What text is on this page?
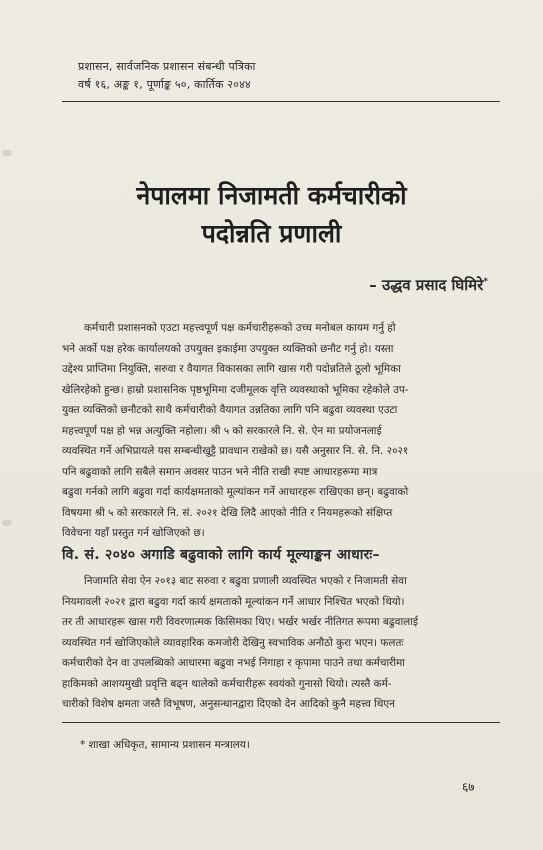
प्रशासन, सार्वजनिक प्रशासन संबन्धी पत्रिका
वर्ष १६, अङ्क १, पूर्णाङ्क ५०, कार्तिक २०४४
नेपालमा निजामती कर्मचारीको
पदोन्नति प्रणाली
– उद्धव प्रसाद घिमिरे*
कर्मचारी प्रशासनको एउटा महत्त्वपूर्ण पक्ष कर्मचारीहरूको उच्च मनोबल कायम गर्नु हो
भने अर्को पक्ष हरेक कार्यालयको उपयुक्त इकाईमा उपयुक्त व्यक्तिको छनौट गर्नु हो। यस्ता
उद्देश्य प्राप्तिमा नियुक्ति, सरुवा र वैयागत विकासका लागि खास गरी पदोन्नतिले ठूलो भूमिका
खेलिरहेको हुन्छ। हाम्रो प्रशासनिक पृष्ठभूमिमा दजीमूलक वृत्ति व्यवस्थाको भूमिका रहेकोले उप-
युक्त व्यक्तिको छनौटको साथै कर्मचारीको वैयागत उन्नतिका लागि पनि बढुवा व्यवस्था एउटा
महत्त्वपूर्ण पक्ष हो भन्न अत्युक्ति नहोला। श्री ५ को सरकारले नि. से. ऐन मा प्रयोजनलाई
व्यवस्थित गर्ने अभिप्रायले यस सम्बन्धीखुट्टै प्रावधान राखेको छ। यसै अनुसार नि. से. नि. २०२१
पनि बढुवाको लागि सबैले समान अवसर पाउन भने नीति राखी स्पष्ट आधारहरूमा मात्र
बढुवा गर्नको लागि बढुवा गर्दा कार्यक्षमताको मूल्यांकन गर्ने आधारहरू राखिएका छन्। बढुवाको
विषयमा श्री ५ को सरकारले नि. सं. २०२१ देखि लिदै आएको नीति र नियमहरूको संक्षिप्त
विवेचना यहाँ प्रस्तुत गर्न खोजिएको छ।
वि. सं. २०४० अगाडि बढुवाको लागि कार्य मूल्याङ्कन आधारः–
निजामति सेवा ऐन २०१३ बाट सरुवा र बढुवा प्रणाली व्यवस्थित भएको र निजामती सेवा
नियमावली २०२१ द्वारा बढुवा गर्दा कार्य क्षमताको मूल्यांकन गर्ने आधार निश्चित भएको थियो।
तर ती आधारहरू खास गरी विवरणात्मक किसिमका थिए। भर्खर भर्खर नीतिगत रूपमा बढुवालाई
व्यवस्थित गर्न खोजिएकोले व्यावहारिक कमजोरी देखिनु स्वभाविक अनौठो कुरा भएन। फलतः
कर्मचारीको देन वा उपलब्धिको आधारमा बढुवा नभई निगाहा र कृपामा पाउने तथा कर्मचारीमा
हाकिमको आशयमुखी प्रवृत्ति बढ्न थालेको कर्मचारीहरू स्वयंको गुनासो थियो। त्यस्तै कर्म-
चारीको विशेष क्षमता जस्तै विभूषण, अनुसन्धानद्वारा दिएको देन आदिको कुनै महत्त्व थिएन
* शाखा अधिकृत, सामान्य प्रशासन मन्त्रालय।
६७
